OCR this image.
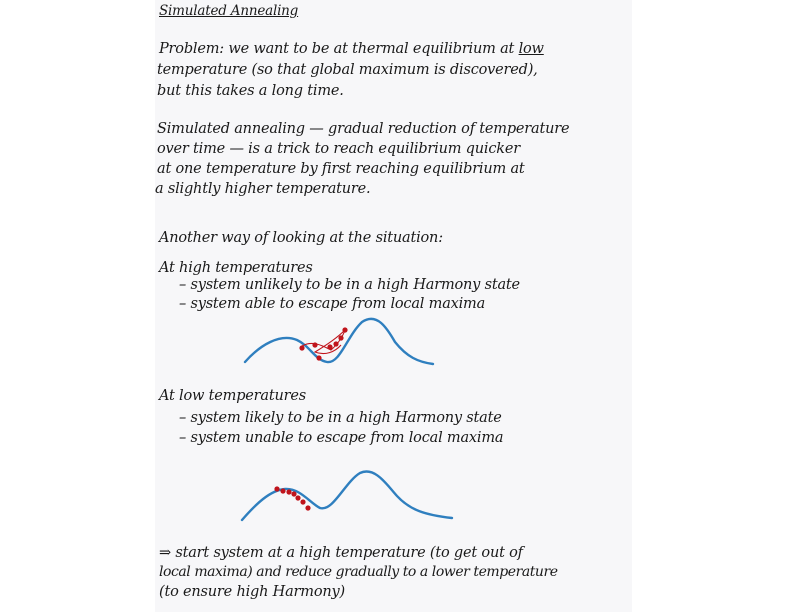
Simulated Annealing
Problem: we want to be at thermal equilibrium at low
temperature (so that global maximum is discovered),
but this takes a long time.
Simulated annealing — gradual reduction of temperature
over time — is a trick to reach equilibrium quicker
at one temperature by first reaching equilibrium at
a slightly higher temperature.
Another way of looking at the situation:
At high temperatures
– system unlikely to be in a high Harmony state
– system able to escape from local maxima
At low temperatures
– system likely to be in a high Harmony state
– system unable to escape from local maxima
⇒ start system at a high temperature (to get out of
local maxima) and reduce gradually to a lower temperature
(to ensure high Harmony)
